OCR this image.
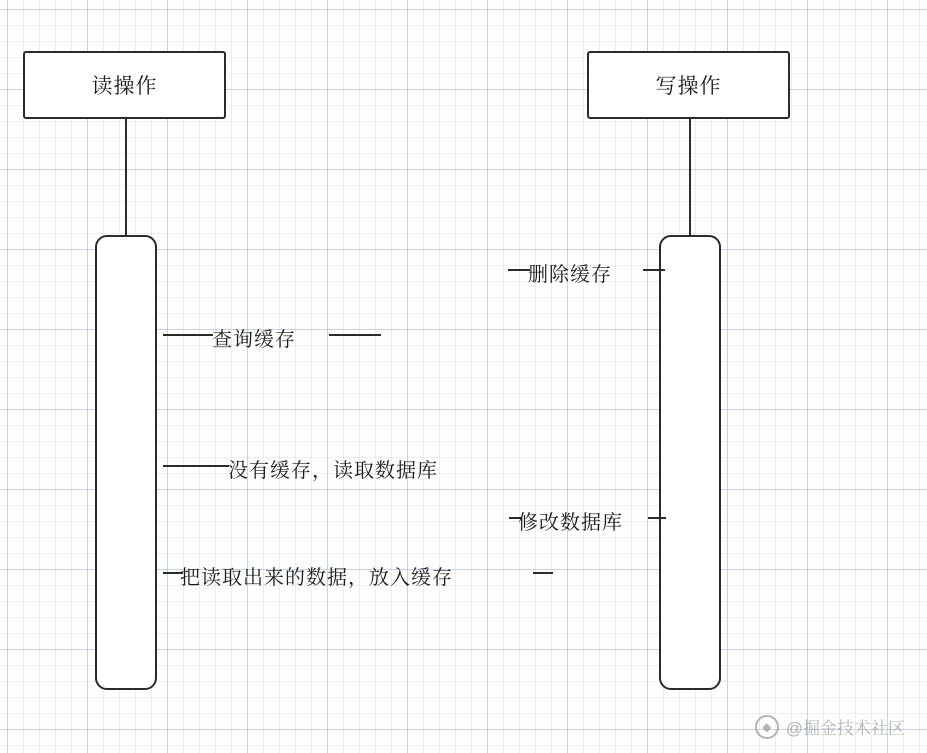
读操作	写操作
删除缓存
查询缓存
没有缓存，读取数据库
修改数据库
把读取出来的数据，放入缓存
◆ @掘金技术社区
